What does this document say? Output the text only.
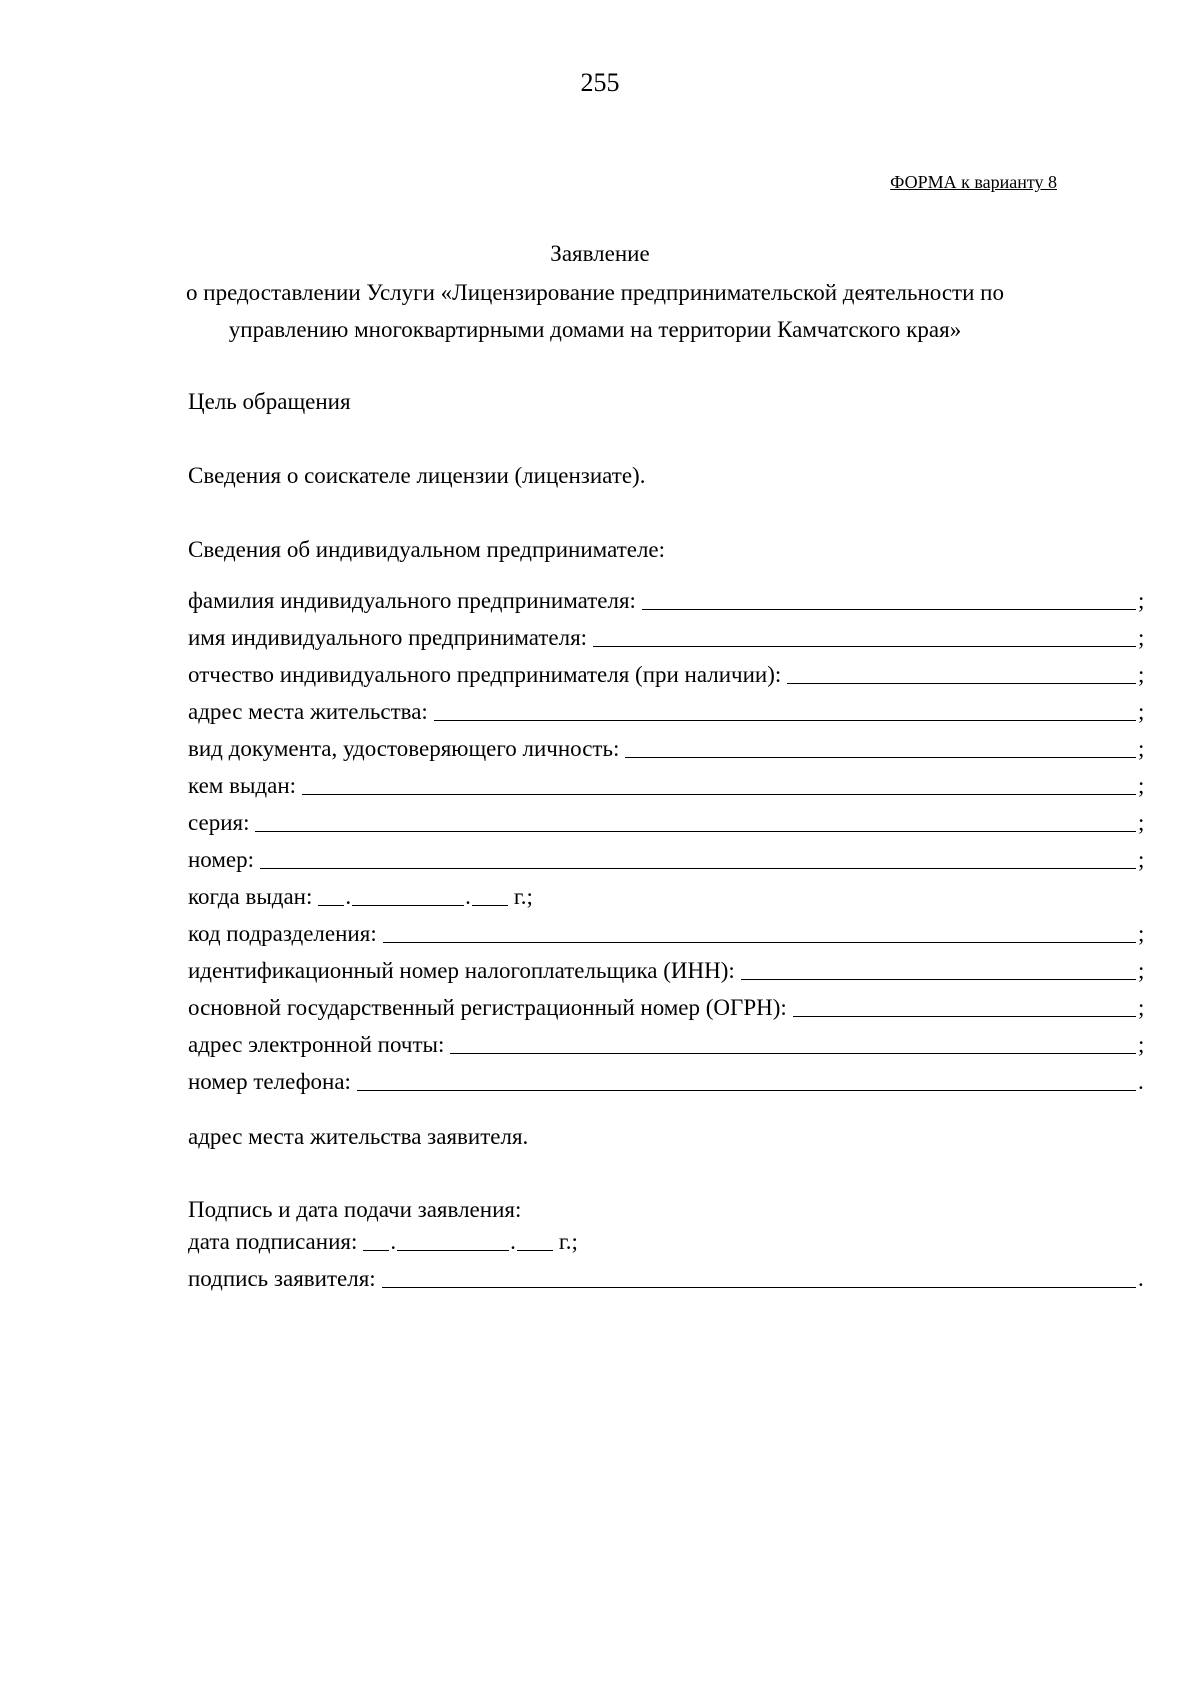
255
ФОРМА к варианту 8
Заявление
о предоставлении Услуги «Лицензирование предпринимательской деятельности по
управлению многоквартирными домами на территории Камчатского края»
Цель обращения
Сведения о соискателе лицензии (лицензиате).
Сведения об индивидуальном предпринимателе:
фамилия индивидуального предпринимателя:	;
имя индивидуального предпринимателя:	;
отчество индивидуального предпринимателя (при наличии):	;
адрес места жительства:	;
вид документа, удостоверяющего личность:	;
кем выдан:	;
серия:	;
номер:	;
когда выдан: .	. г.;
код подразделения:	;
идентификационный номер налогоплательщика (ИНН):	;
основной государственный регистрационный номер (ОГРН):	;
адрес электронной почты:	;
номер телефона:	.
адрес места жительства заявителя.
Подпись и дата подачи заявления:
дата подписания: .	. г.;
подпись заявителя:	.
